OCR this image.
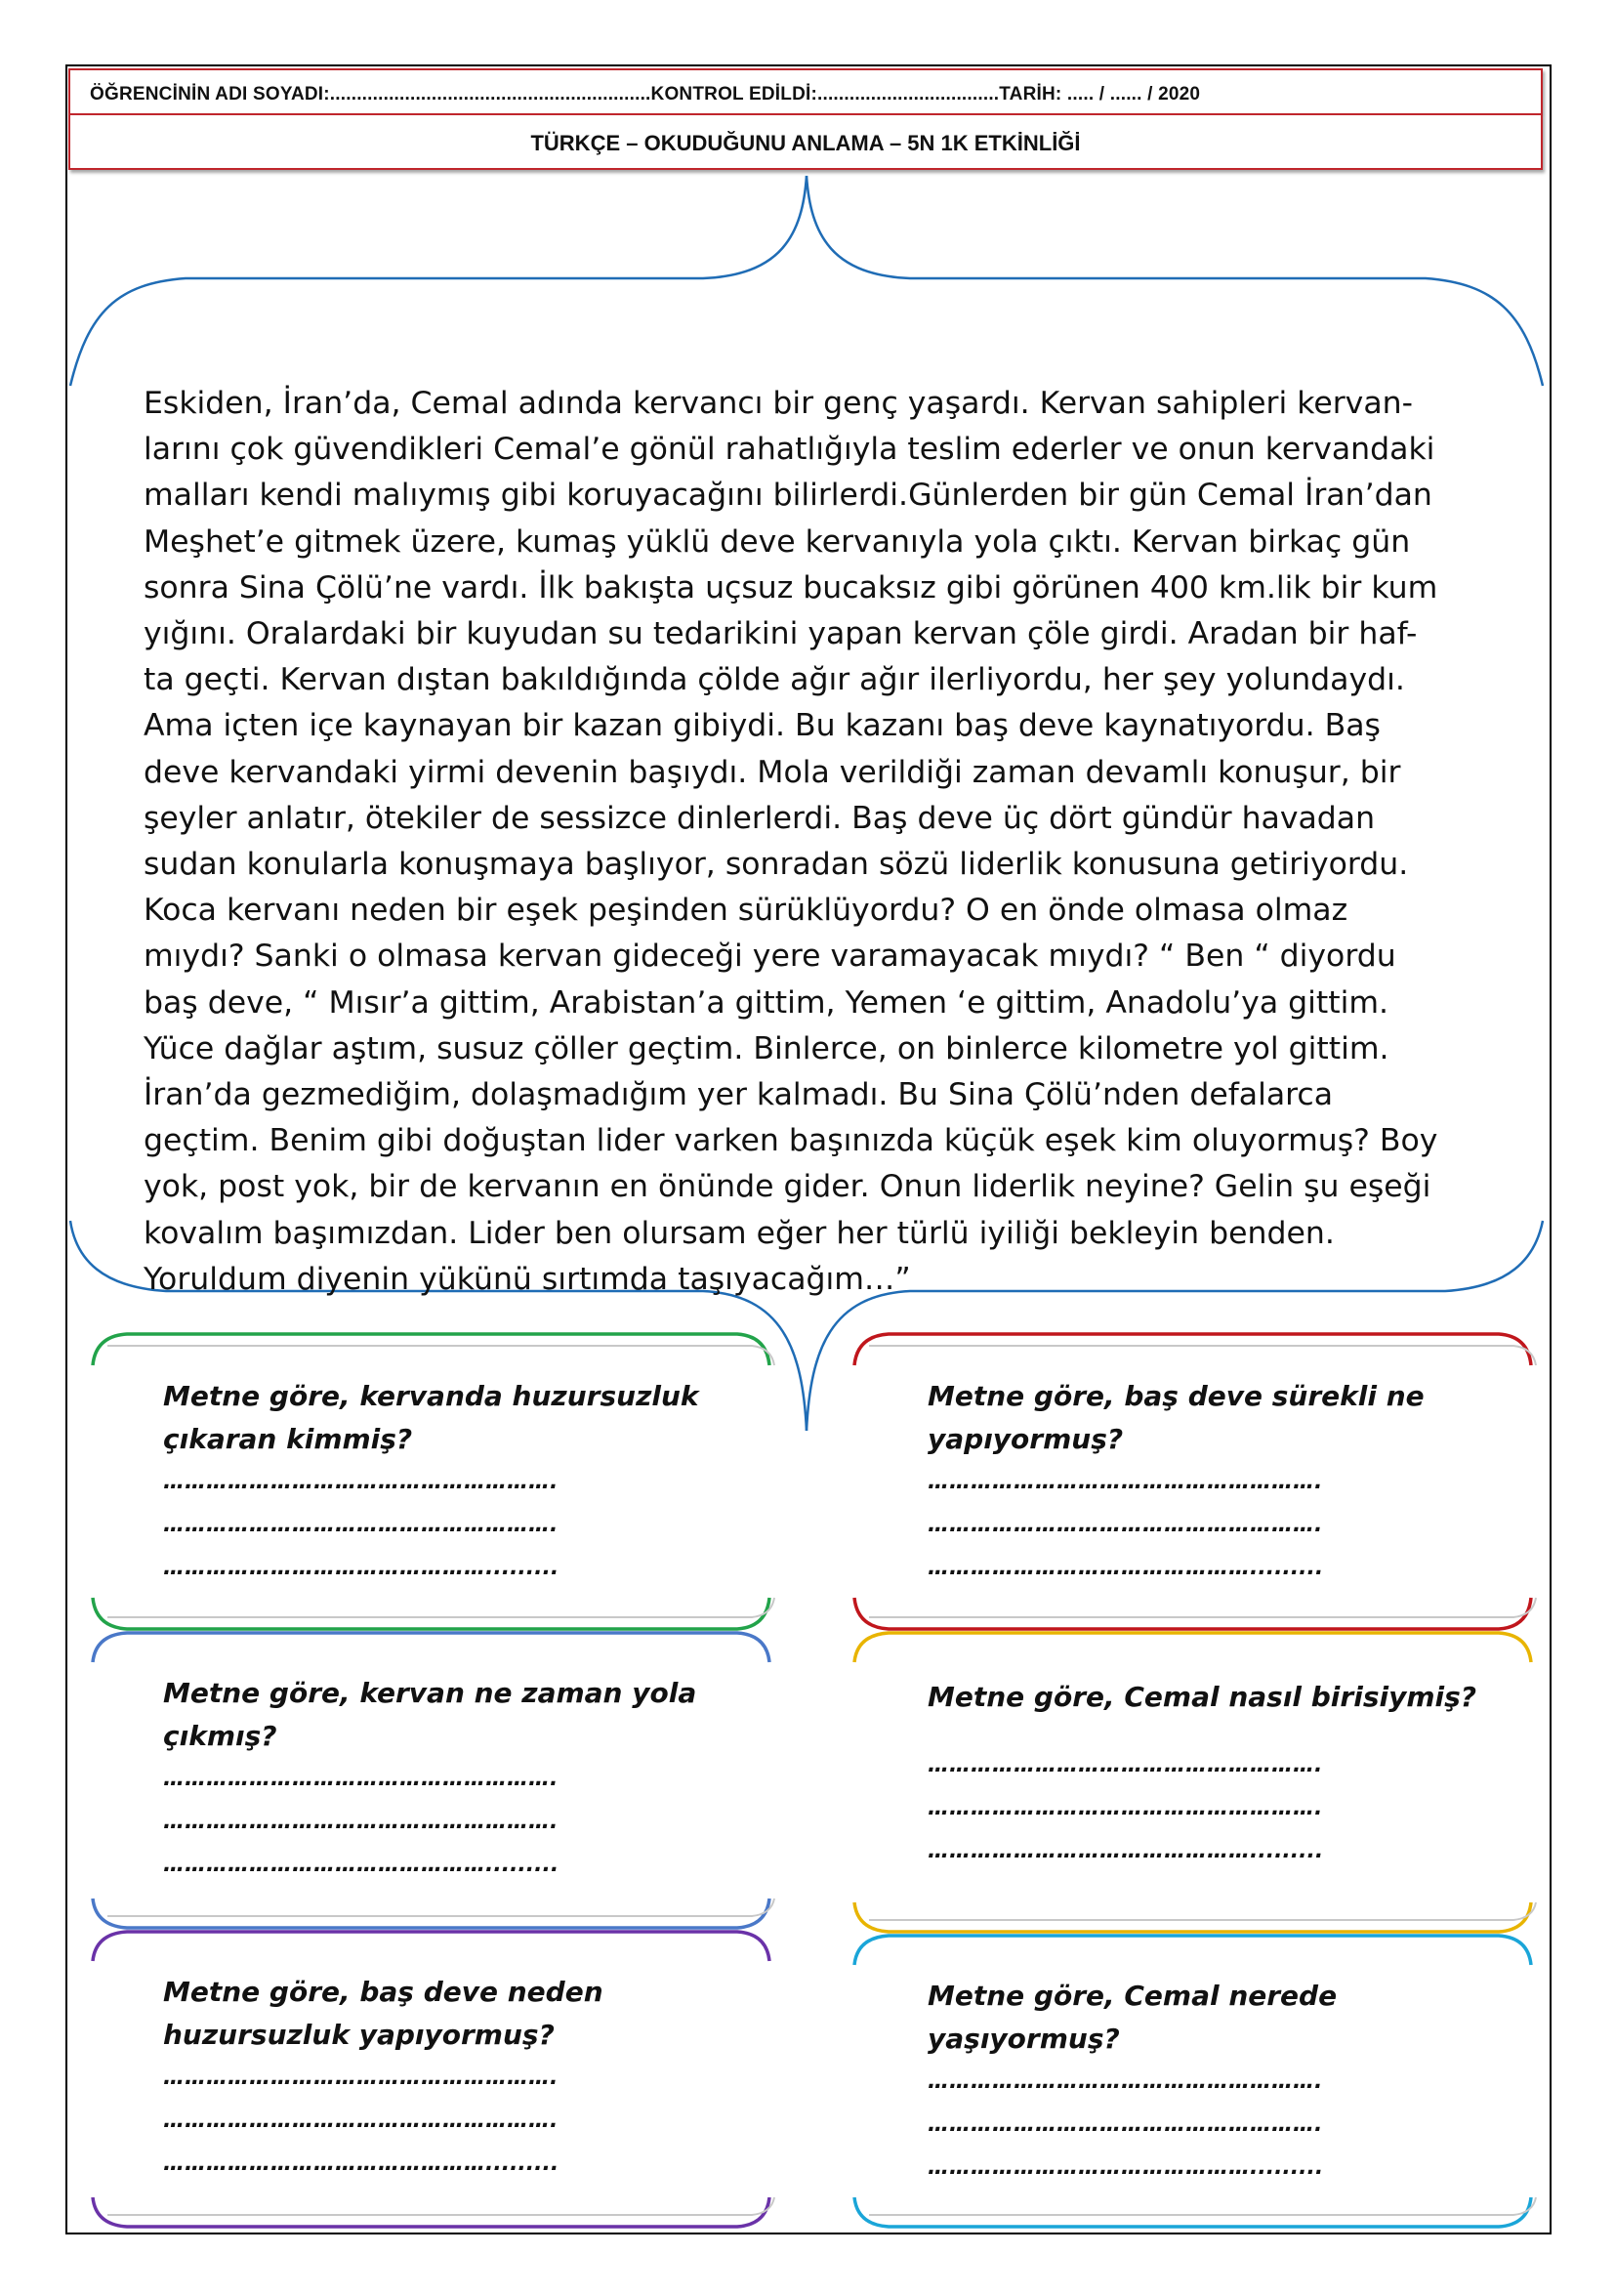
ÖĞRENCİNİN ADI SOYADI:............................................................KONTROL EDİLDİ:..................................TARİH: ..... / ...... / 2020
TÜRKÇE – OKUDUĞUNU ANLAMA – 5N 1K ETKİNLİĞİ
Eskiden, İran’da, Cemal adında kervancı bir genç yaşardı. Kervan sahipleri kervan-
larını çok güvendikleri Cemal’e gönül rahatlığıyla teslim ederler ve onun kervandaki
malları kendi malıymış gibi koruyacağını bilirlerdi.Günlerden bir gün Cemal İran’dan
Meşhet’e gitmek üzere, kumaş yüklü deve kervanıyla yola çıktı. Kervan birkaç gün
sonra Sina Çölü’ne vardı. İlk bakışta uçsuz bucaksız gibi görünen 400 km.lik bir kum
yığını. Oralardaki bir kuyudan su tedarikini yapan kervan çöle girdi. Aradan bir haf-
ta geçti. Kervan dıştan bakıldığında çölde ağır ağır ilerliyordu, her şey yolundaydı.
Ama içten içe kaynayan bir kazan gibiydi. Bu kazanı baş deve kaynatıyordu. Baş
deve kervandaki yirmi devenin başıydı. Mola verildiği zaman devamlı konuşur, bir
şeyler anlatır, ötekiler de sessizce dinlerlerdi. Baş deve üç dört gündür havadan
sudan konularla konuşmaya başlıyor, sonradan sözü liderlik konusuna getiriyordu.
Koca kervanı neden bir eşek peşinden sürüklüyordu? O en önde olmasa olmaz
mıydı? Sanki o olmasa kervan gideceği yere varamayacak mıydı? “ Ben “ diyordu
baş deve, “ Mısır’a gittim, Arabistan’a gittim, Yemen ‘e gittim, Anadolu’ya gittim.
Yüce dağlar aştım, susuz çöller geçtim. Binlerce, on binlerce kilometre yol gittim.
İran’da gezmediğim, dolaşmadığım yer kalmadı. Bu Sina Çölü’nden defalarca
geçtim. Benim gibi doğuştan lider varken başınızda küçük eşek kim oluyormuş? Boy
yok, post yok, bir de kervanın en önünde gider. Onun liderlik neyine? Gelin şu eşeği
kovalım başımızdan. Lider ben olursam eğer her türlü iyiliği bekleyin benden.
Yoruldum diyenin yükünü sırtımda taşıyacağım…”
Metne göre, kervanda huzursuzluk çıkaran kimmiş?
……………………………………………….
……………………………………………….
……………………………………….........
Metne göre, baş deve sürekli ne yapıyormuş?
……………………………………………….
……………………………………………….
……………………………………….........
Metne göre, kervan ne zaman yola çıkmış?
……………………………………………….
……………………………………………….
……………………………………….........
Metne göre, Cemal nasıl birisiymiş?
……………………………………………….
……………………………………………….
……………………………………….........
Metne göre, baş deve neden huzursuzluk yapıyormuş?
……………………………………………….
……………………………………………….
……………………………………….........
Metne göre, Cemal nerede yaşıyormuş?
……………………………………………….
……………………………………………….
……………………………………….........
